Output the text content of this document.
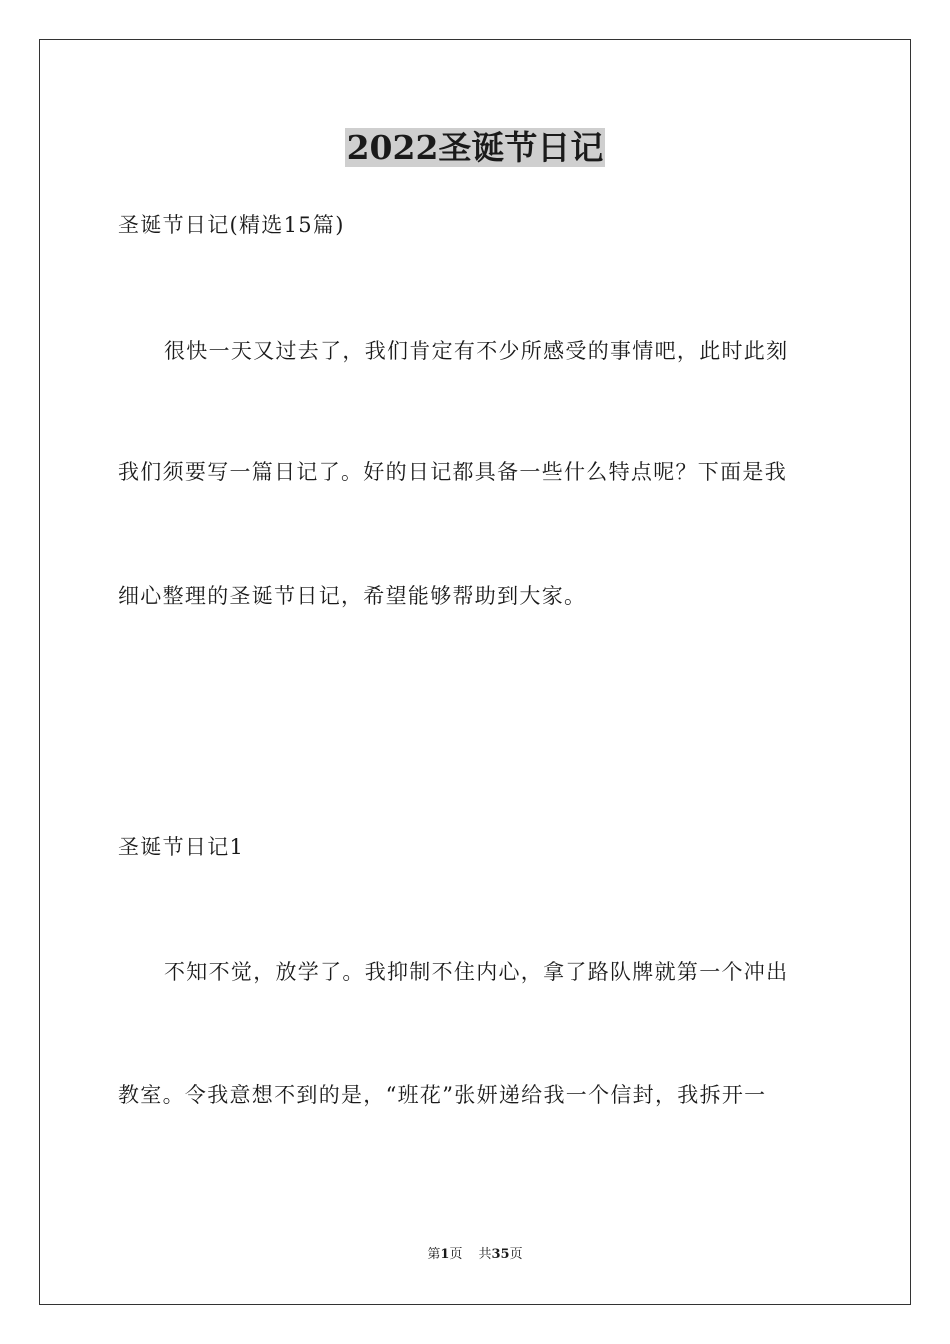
2022圣诞节日记
圣诞节日记(精选15篇)
很快一天又过去了，我们肯定有不少所感受的事情吧，此时此刻
我们须要写一篇日记了。好的日记都具备一些什么特点呢？下面是我
细心整理的圣诞节日记，希望能够帮助到大家。
圣诞节日记1
不知不觉，放学了。我抑制不住内心，拿了路队牌就第一个冲出
教室。令我意想不到的是，“班花”张妍递给我一个信封，我拆开一
第1页 共35页
